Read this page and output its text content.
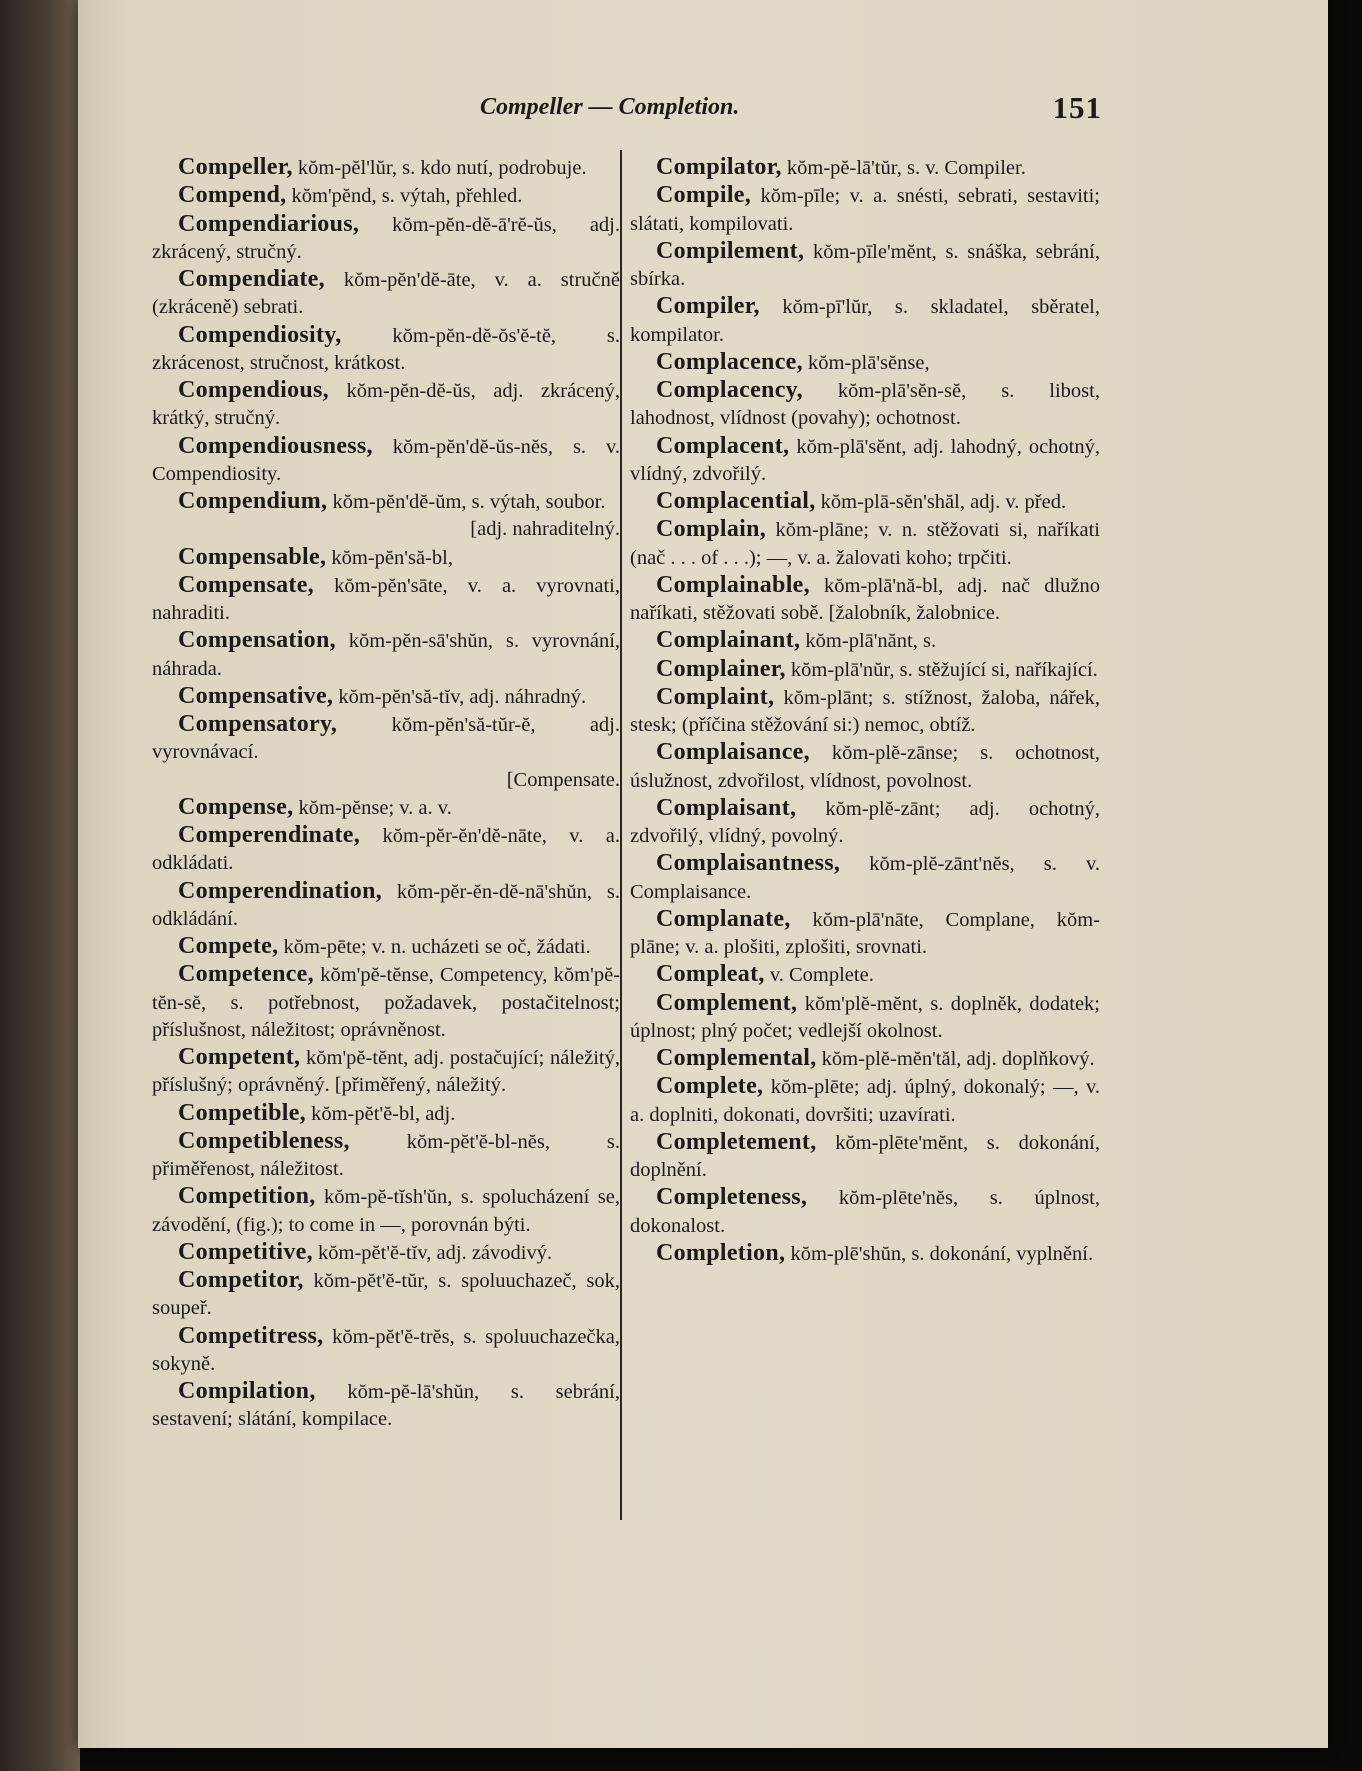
Compeller — Completion.	151

Compeller, kŏm-pĕl'lŭr, s. kdo nutí, podrobuje.

Compend, kŏm'pĕnd, s. výtah, přehled.

Compendiarious, kŏm-pĕn-dĕ-ā'rĕ-ŭs, adj. zkrácený, stručný.

Compendiate, kŏm-pĕn'dĕ-āte, v. a. stručně (zkráceně) sebrati.

Compendiosity, kŏm-pĕn-dĕ-ŏs'ĕ-tĕ, s. zkrácenost, stručnost, krátkost.

Compendious, kŏm-pĕn-dĕ-ŭs, adj. zkrácený, krátký, stručný.

Compendiousness, kŏm-pĕn'dĕ-ŭs-nĕs, s. v. Compendiosity.

Compendium, kŏm-pĕn'dĕ-ŭm, s. výtah, soubor.

[adj. nahraditelný.

Compensable, kŏm-pĕn'să-bl,

Compensate, kŏm-pĕn'sāte, v. a. vyrovnati, nahraditi.

Compensation, kŏm-pĕn-sā'shŭn, s. vyrovnání, náhrada.

Compensative, kŏm-pĕn'să-tĭv, adj. náhradný.

Compensatory,	kŏm-pĕn'să-tŭr-ĕ, adj. vyrovnávací.

[Compensate.

Compense, kŏm-pĕnse; v. a. v.

Comperendinate, kŏm-pĕr-ĕn'dĕ-nāte, v. a. odkládati.

Comperendination, kŏm-pĕr-ĕn-dĕ-nā'shŭn, s. odkládání.

Compete, kŏm-pēte; v. n. ucházeti se oč, žádati.

Competence, kŏm'pĕ-tĕnse, Competency, kŏm'pĕ-tĕn-sĕ, s. potřebnost, požadavek, postačitelnost; příslušnost, náležitost; oprávněnost.

Competent, kŏm'pĕ-tĕnt, adj. postačující; náležitý, příslušný; oprávněný. [přiměřený, náležitý.

Competible, kŏm-pĕt'ĕ-bl, adj.

Competibleness,	kŏm-pĕt'ĕ-bl-nĕs, s. přiměřenost, náležitost.

Competition, kŏm-pĕ-tĭsh'ŭn, s. spolucházení se, závodění, (fig.); to come in —, porovnán býti.

Competitive, kŏm-pĕt'ĕ-tĭv, adj. závodivý.

Competitor, kŏm-pĕt'ĕ-tŭr, s. spoluuchazeč, sok, soupeř.

Competitress, kŏm-pĕt'ĕ-trĕs, s. spoluuchazečka, sokyně.

Compilation, kŏm-pĕ-lā'shŭn, s. sebrání, sestavení; slátání, kompilace.

Compilator, kŏm-pĕ-lā'tŭr, s. v. Compiler.

Compile, kŏm-pīle; v. a. snésti, sebrati, sestaviti; slátati, kompilovati.

Compilement, kŏm-pīle'mĕnt, s. snáška, sebrání, sbírka.

Compiler, kŏm-pī'lŭr, s. skladatel, sběratel, kompilator.

Complacence, kŏm-plā'sĕnse,

Complacency, kŏm-plā'sĕn-sĕ, s. libost, lahodnost, vlídnost (povahy); ochotnost.

Complacent, kŏm-plā'sĕnt, adj. lahodný, ochotný, vlídný, zdvořilý.

Complacential, kŏm-plā-sĕn'shăl, adj. v. před.

Complain, kŏm-plāne; v. n. stěžovati si, naříkati (nač . . . of . . .); —, v. a. žalovati koho; trpčiti.

Complainable, kŏm-plā'nă-bl, adj. nač dlužno naříkati, stěžovati sobě. [žalobník, žalobnice.

Complainant, kŏm-plā'nănt, s.

Complainer, kŏm-plā'nŭr, s. stěžující si, naříkající.

Complaint, kŏm-plānt; s. stížnost, žaloba, nářek, stesk; (příčina stěžování si:) nemoc, obtíž.

Complaisance, kŏm-plĕ-zānse; s. ochotnost, úslužnost, zdvořilost, vlídnost, povolnost.

Complaisant, kŏm-plĕ-zānt; adj. ochotný, zdvořilý, vlídný, povolný.

Complaisantness, kŏm-plĕ-zānt'nĕs, s. v. Complaisance.

Complanate, kŏm-plā'nāte, Complane, kŏm-plāne; v. a. plošiti, zplošiti, srovnati.

Compleat, v. Complete.

Complement, kŏm'plĕ-mĕnt, s. doplněk, dodatek; úplnost; plný počet; vedlejší okolnost.

Complemental, kŏm-plĕ-mĕn'tăl, adj. doplňkový.

Complete, kŏm-plēte; adj. úplný, dokonalý; —, v. a. doplniti, dokonati, dovršiti; uzavírati.

Completement, kŏm-plēte'mĕnt, s. dokonání, doplnění.

Completeness, kŏm-plēte'nĕs, s. úplnost, dokonalost.

Completion, kŏm-plē'shŭn, s. dokonání, vyplnění.
